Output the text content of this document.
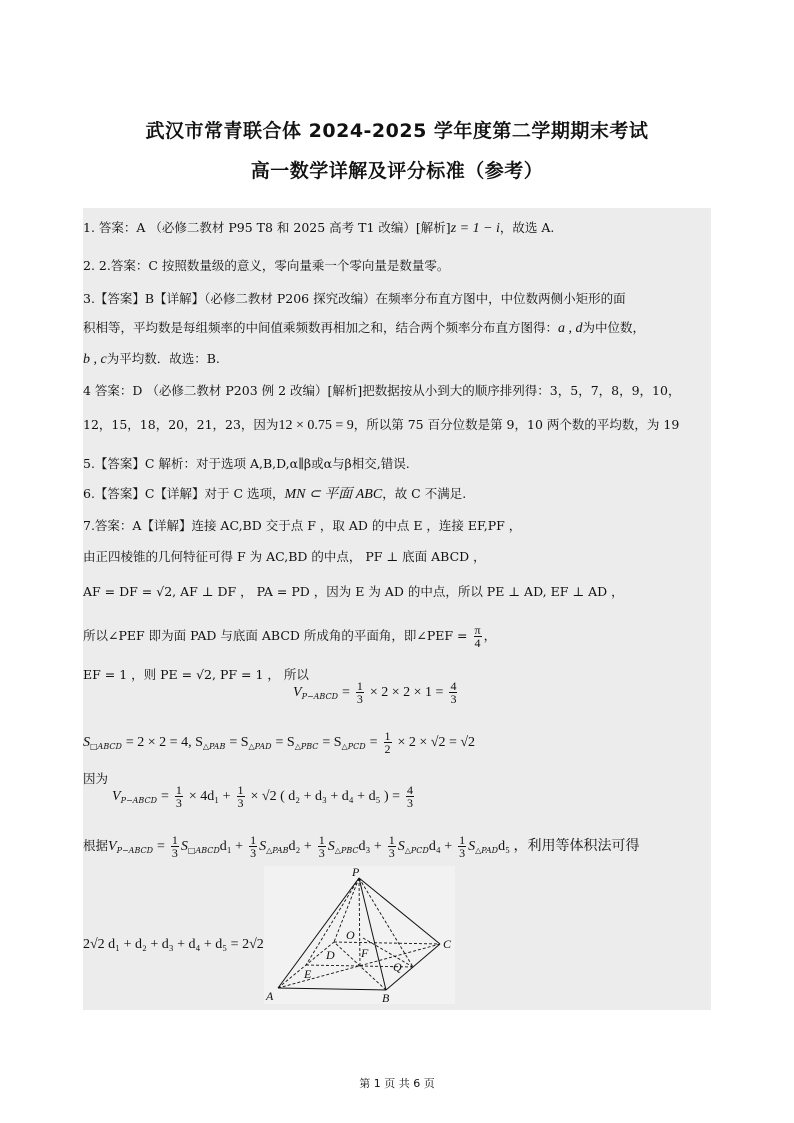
武汉市常青联合体 2024-2025 学年度第二学期期末考试
高一数学详解及评分标准（参考）
1. 答案：A （必修二教材 P95 T8 和 2025 高考 T1 改编）[解析]z = 1 − i，故选 A.
2. 2.答案：C 按照数量级的意义，零向量乘一个零向量是数量零。
3.【答案】B【详解】（必修二教材 P206 探究改编）在频率分布直方图中，中位数两侧小矩形的面
积相等，平均数是每组频率的中间值乘频数再相加之和，结合两个频率分布直方图得：a , d为中位数，
b , c为平均数．故选：B.
4 答案：D （必修二教材 P203 例 2 改编）[解析]把数据按从小到大的顺序排列得：3，5，7，8，9，10，
12，15，18，20，21，23，因为12 × 0.75 = 9，所以第 75 百分位数是第 9，10 两个数的平均数，为 19
5.【答案】C 解析：对于选项 A,B,D,α∥β或α与β相交,错误.
6.【答案】C【详解】对于 C 选项，MN ⊂ 平面 ABC，故 C 不满足.
7.答案：A【详解】连接 AC,BD 交于点 F ，取 AD 的中点 E ，连接 EF,PF ，
由正四棱锥的几何特征可得 F 为 AC,BD 的中点， PF ⊥ 底面 ABCD ，
AF = DF = √2, AF ⊥ DF ， PA = PD ，因为 E 为 AD 的中点，所以 PE ⊥ AD, EF ⊥ AD ，
所以∠PEF 即为面 PAD 与底面 ABCD 所成角的平面角，即∠PEF = $\frac{\pi}{4}$ ，
EF = 1 ，则 PE = √2, PF = 1 ， 所以
$V_{P-ABCD} = \frac{1}{3} \times 2 \times 2 \times 1 = \frac{4}{3}$
$S_{□ABCD} = 2 \times 2 = 4$, $S_{\triangle PAB} = S_{\triangle PAD} = S_{\triangle PBC} = S_{\triangle PCD} = \frac{1}{2} \times 2 \times √2 = √2$
因为
$V_{P-ABCD} = \frac{1}{3} \times 4d_1 + \frac{1}{3} \times √2$ ( d₂ + d₃ + d₄ + d₅ ) = $\frac{4}{3}$
根据$V_{P-ABCD} = \frac{1}{3} S_{□ABCD}d_1 + \frac{1}{3} S_{\triangle PAB}d_2 + \frac{1}{3} S_{\triangle PBC}d_3 + \frac{1}{3} S_{\triangle PCD}d_4 + \frac{1}{3} S_{\triangle PAD}d_5$ ，利用等体积法可得
2√2 d₁ + d₂ + d₃ + d₄ + d₅ = 2√2
P
O
C
D F
Q
E
A	B
第 1 页 共 6 页
